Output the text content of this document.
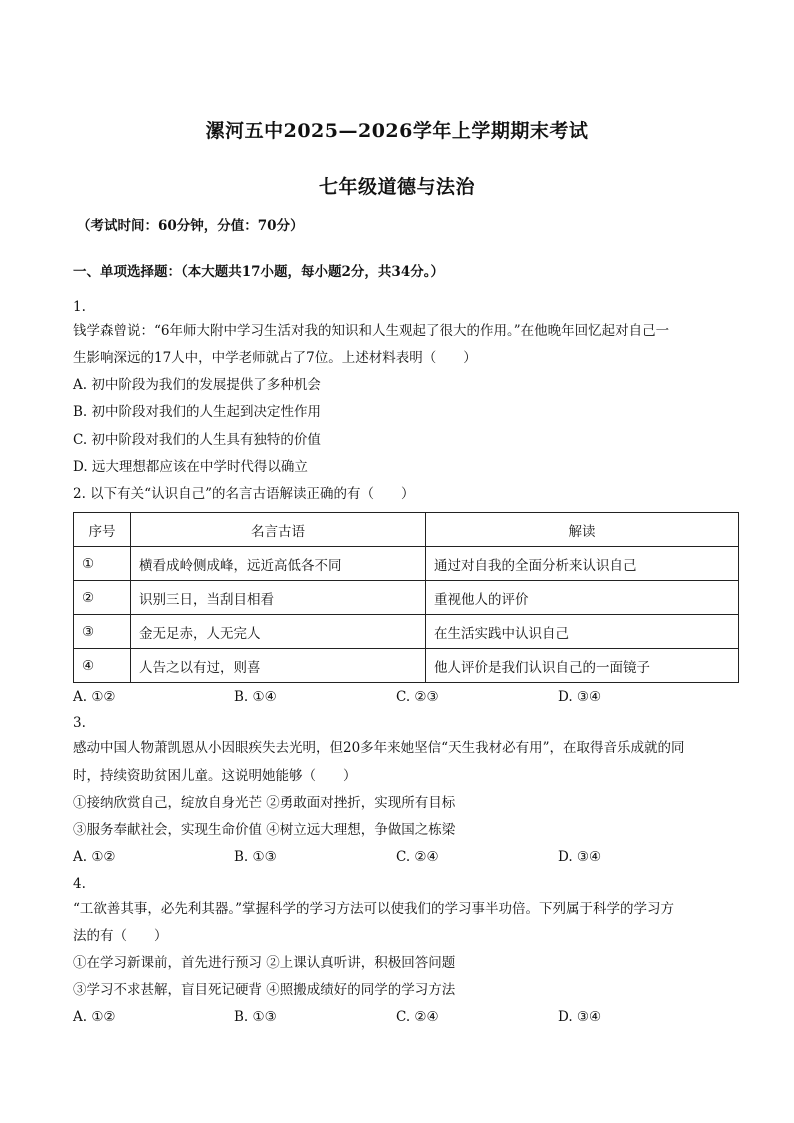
漯河五中2025—2026学年上学期期末考试
七年级道德与法治
（考试时间：60分钟，分值：70分）
一、单项选择题：（本大题共17小题，每小题2分，共34分。）
1.
钱学森曾说：“6年师大附中学习生活对我的知识和人生观起了很大的作用。”在他晚年回忆起对自己一
生影响深远的17人中，中学老师就占了7位。上述材料表明（　　）
A. 初中阶段为我们的发展提供了多种机会
B. 初中阶段对我们的人生起到决定性作用
C. 初中阶段对我们的人生具有独特的价值
D. 远大理想都应该在中学时代得以确立
2. 以下有关“认识自己”的名言古语解读正确的有（　　）
序号	名言古语	解读
①	横看成岭侧成峰，远近高低各不同	通过对自我的全面分析来认识自己
②	识别三日，当刮目相看	重视他人的评价
③	金无足赤，人无完人	在生活实践中认识自己
④	人告之以有过，则喜	他人评价是我们认识自己的一面镜子
A. ①②	B. ①④	C. ②③	D. ③④
3.
感动中国人物萧凯恩从小因眼疾失去光明，但20多年来她坚信“天生我材必有用”，在取得音乐成就的同
时，持续资助贫困儿童。这说明她能够（　　）
①接纳欣赏自己，绽放自身光芒 ②勇敢面对挫折，实现所有目标
③服务奉献社会，实现生命价值 ④树立远大理想，争做国之栋梁
A. ①②	B. ①③	C. ②④	D. ③④
4.
“工欲善其事，必先利其器。”掌握科学的学习方法可以使我们的学习事半功倍。下列属于科学的学习方
法的有（　　）
①在学习新课前，首先进行预习 ②上课认真听讲，积极回答问题
③学习不求甚解，盲目死记硬背 ④照搬成绩好的同学的学习方法
A. ①②	B. ①③	C. ②④	D. ③④
